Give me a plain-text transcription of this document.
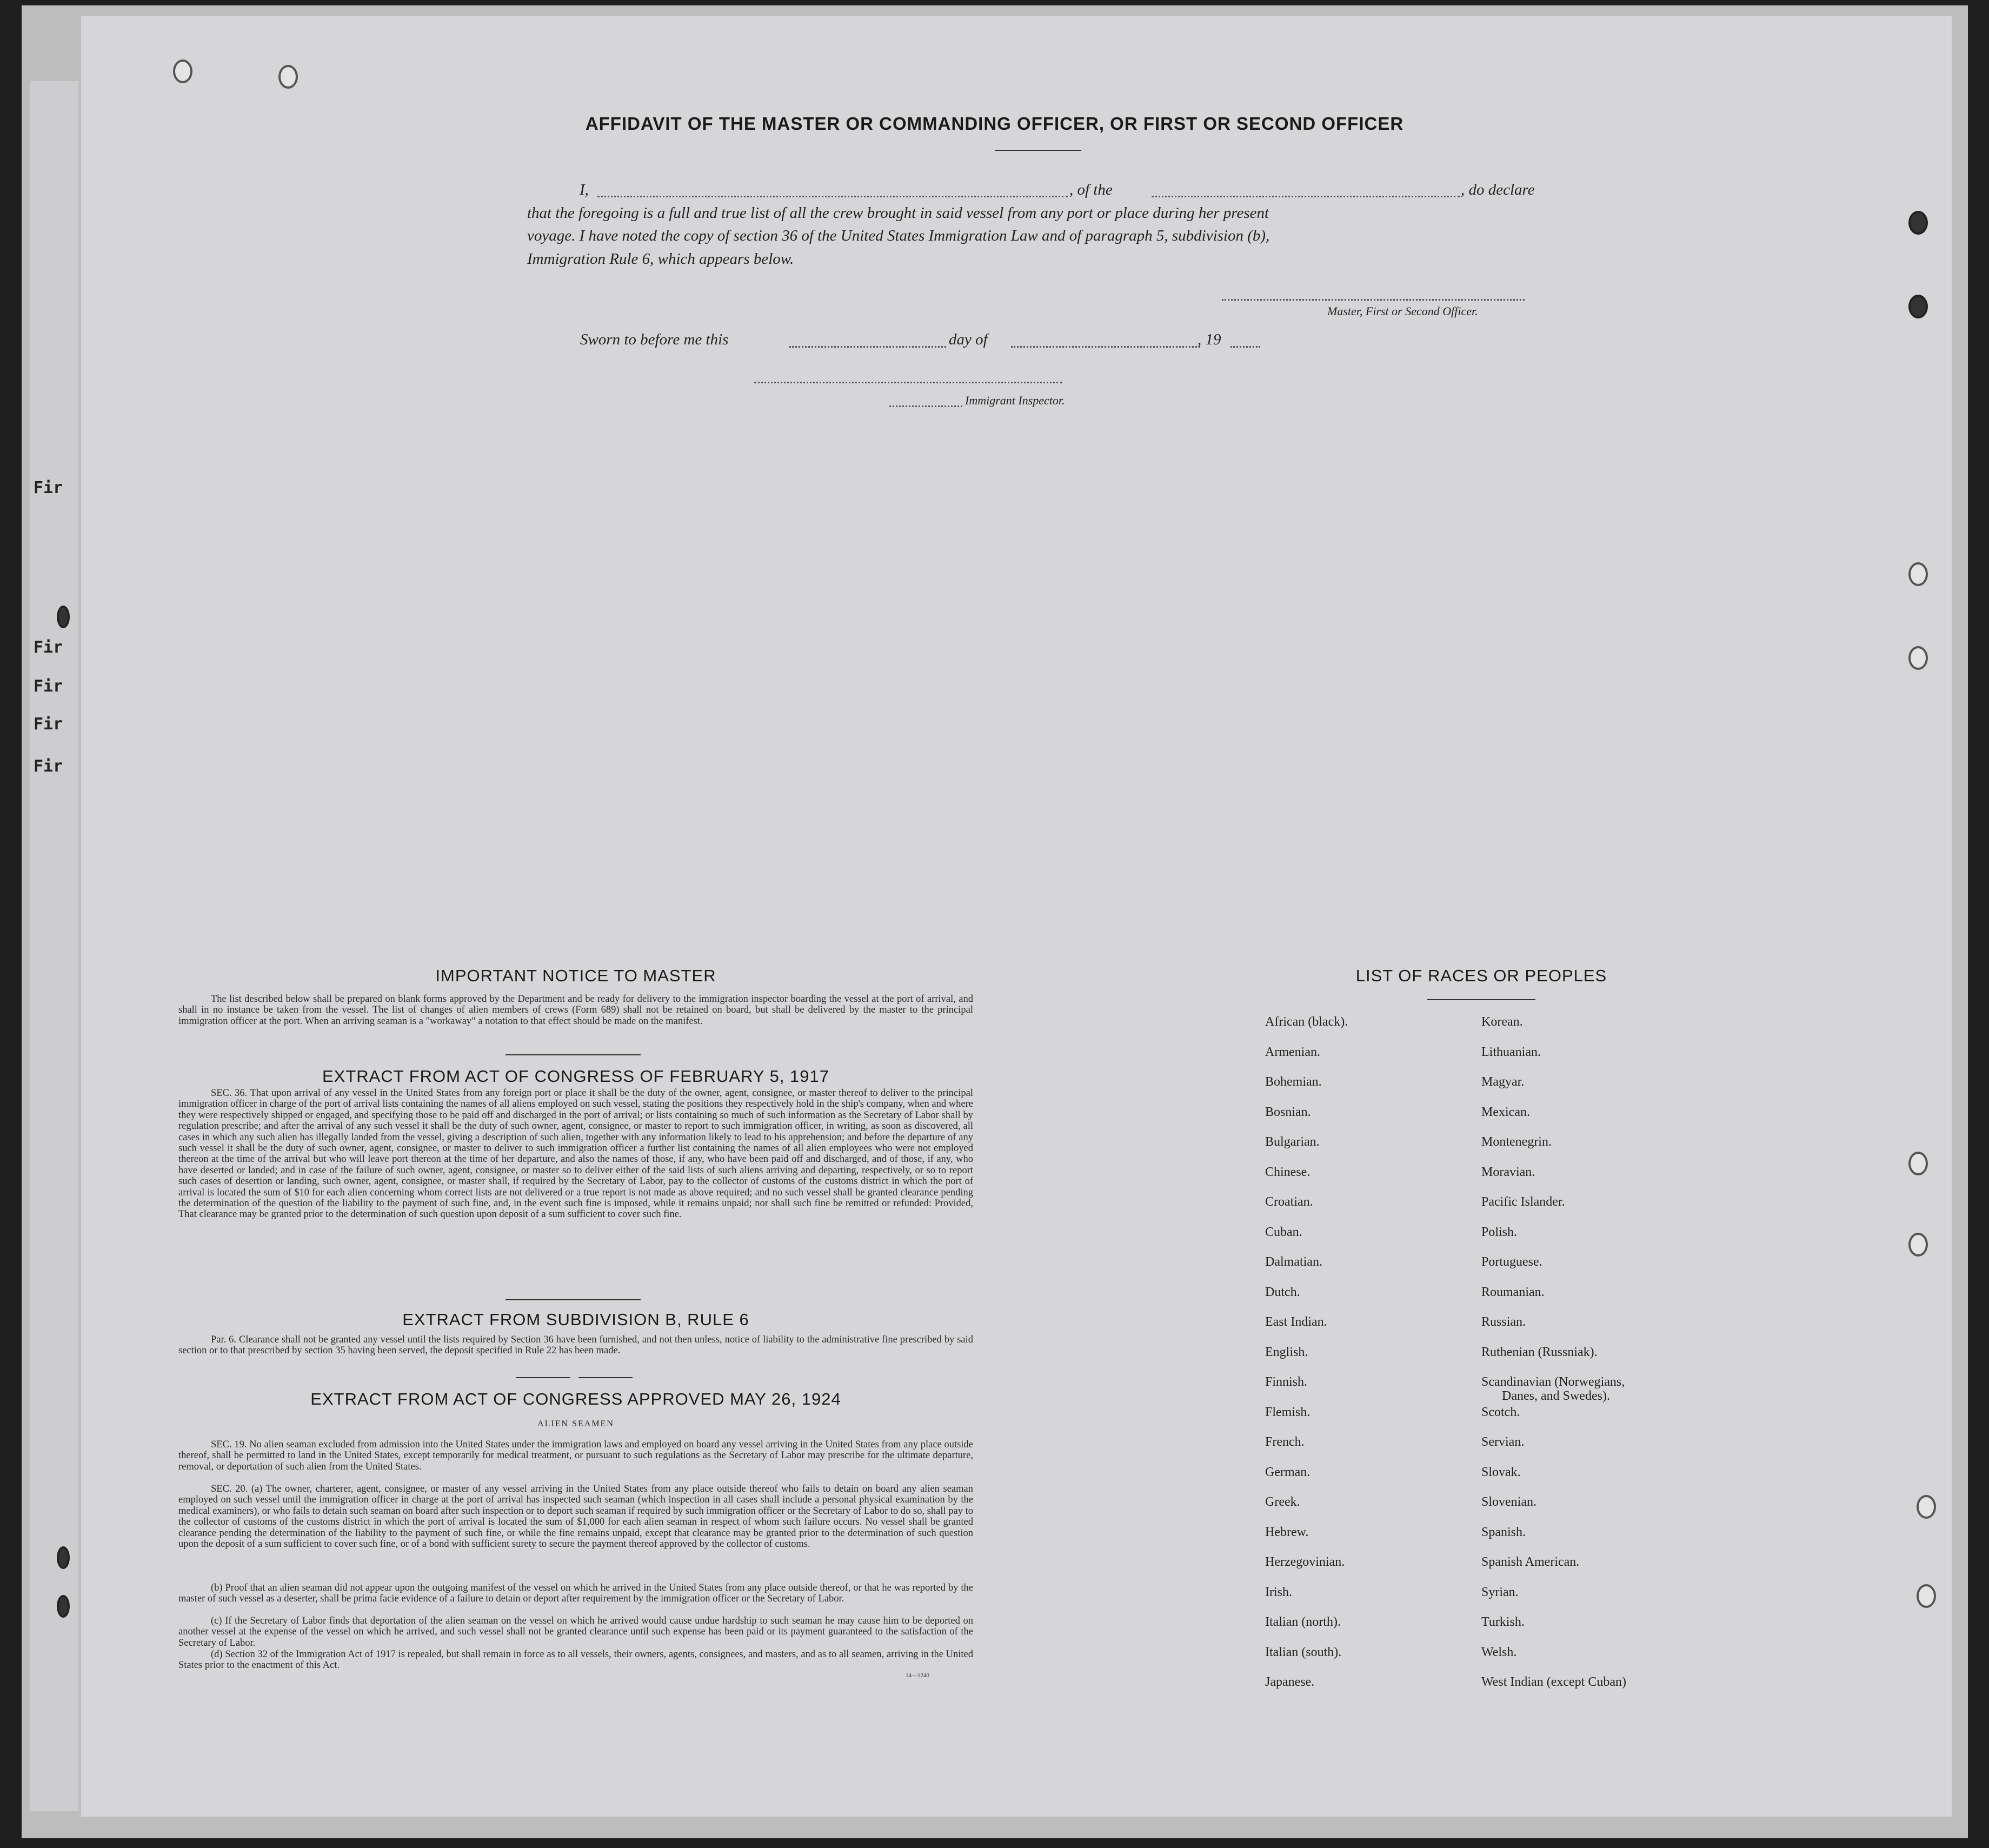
Fir
Fir
Fir
Fir
Fir
AFFIDAVIT OF THE MASTER OR COMMANDING OFFICER, OR FIRST OR SECOND OFFICER
I,	, of the	, do declare
that the foregoing is a full and true list of all the crew brought in said vessel from any port or place during her present
voyage. I have noted the copy of section 36 of the United States Immigration Law and of paragraph 5, subdivision (b),
Immigration Rule 6, which appears below.
Master, First or Second Officer.
Sworn to before me this	day of	, 19
Immigrant Inspector.
IMPORTANT NOTICE TO MASTER
The list described below shall be prepared on blank forms approved by the Department and be ready for delivery to the immigration inspector boarding the vessel at the port of arrival, and shall in no instance be taken from the vessel. The list of changes of alien members of crews (Form 689) shall not be retained on board, but shall be delivered by the master to the principal immigration officer at the port. When an arriving seaman is a "workaway" a notation to that effect should be made on the manifest.
EXTRACT FROM ACT OF CONGRESS OF FEBRUARY 5, 1917
SEC. 36. That upon arrival of any vessel in the United States from any foreign port or place it shall be the duty of the owner, agent, consignee, or master thereof to deliver to the principal immigration officer in charge of the port of arrival lists containing the names of all aliens employed on such vessel, stating the positions they respectively hold in the ship's company, when and where they were respectively shipped or engaged, and specifying those to be paid off and discharged in the port of arrival; or lists containing so much of such information as the Secretary of Labor shall by regulation prescribe; and after the arrival of any such vessel it shall be the duty of such owner, agent, consignee, or master to report to such immigration officer, in writing, as soon as discovered, all cases in which any such alien has illegally landed from the vessel, giving a description of such alien, together with any information likely to lead to his apprehension; and before the departure of any such vessel it shall be the duty of such owner, agent, consignee, or master to deliver to such immigration officer a further list containing the names of all alien employees who were not employed thereon at the time of the arrival but who will leave port thereon at the time of her departure, and also the names of those, if any, who have been paid off and discharged, and of those, if any, who have deserted or landed; and in case of the failure of such owner, agent, consignee, or master so to deliver either of the said lists of such aliens arriving and departing, respectively, or so to report such cases of desertion or landing, such owner, agent, consignee, or master shall, if required by the Secretary of Labor, pay to the collector of customs of the customs district in which the port of arrival is located the sum of $10 for each alien concerning whom correct lists are not delivered or a true report is not made as above required; and no such vessel shall be granted clearance pending the determination of the question of the liability to the payment of such fine, and, in the event such fine is imposed, while it remains unpaid; nor shall such fine be remitted or refunded: Provided, That clearance may be granted prior to the determination of such question upon deposit of a sum sufficient to cover such fine.
EXTRACT FROM SUBDIVISION B, RULE 6
Par. 6. Clearance shall not be granted any vessel until the lists required by Section 36 have been furnished, and not then unless, notice of liability to the administrative fine prescribed by said section or to that prescribed by section 35 having been served, the deposit specified in Rule 22 has been made.
EXTRACT FROM ACT OF CONGRESS APPROVED MAY 26, 1924
ALIEN SEAMEN
SEC. 19. No alien seaman excluded from admission into the United States under the immigration laws and employed on board any vessel arriving in the United States from any place outside thereof, shall be permitted to land in the United States, except temporarily for medical treatment, or pursuant to such regulations as the Secretary of Labor may prescribe for the ultimate departure, removal, or deportation of such alien from the United States.
SEC. 20. (a) The owner, charterer, agent, consignee, or master of any vessel arriving in the United States from any place outside thereof who fails to detain on board any alien seaman employed on such vessel until the immigration officer in charge at the port of arrival has inspected such seaman (which inspection in all cases shall include a personal physical examination by the medical examiners), or who fails to detain such seaman on board after such inspection or to deport such seaman if required by such immigration officer or the Secretary of Labor to do so, shall pay to the collector of customs of the customs district in which the port of arrival is located the sum of $1,000 for each alien seaman in respect of whom such failure occurs. No vessel shall be granted clearance pending the determination of the liability to the payment of such fine, or while the fine remains unpaid, except that clearance may be granted prior to the determination of such question upon the deposit of a sum sufficient to cover such fine, or of a bond with sufficient surety to secure the payment thereof approved by the collector of customs.
(b) Proof that an alien seaman did not appear upon the outgoing manifest of the vessel on which he arrived in the United States from any place outside thereof, or that he was reported by the master of such vessel as a deserter, shall be prima facie evidence of a failure to detain or deport after requirement by the immigration officer or the Secretary of Labor.
(c) If the Secretary of Labor finds that deportation of the alien seaman on the vessel on which he arrived would cause undue hardship to such seaman he may cause him to be deported on another vessel at the expense of the vessel on which he arrived, and such vessel shall not be granted clearance until such expense has been paid or its payment guaranteed to the satisfaction of the Secretary of Labor.
(d) Section 32 of the Immigration Act of 1917 is repealed, but shall remain in force as to all vessels, their owners, agents, consignees, and masters, and as to all seamen, arriving in the United States prior to the enactment of this Act.
14—1240
LIST OF RACES OR PEOPLES
African (black).
Armenian.
Bohemian.
Bosnian.
Bulgarian.
Chinese.
Croatian.
Cuban.
Dalmatian.
Dutch.
East Indian.
English.
Finnish.
Flemish.
French.
German.
Greek.
Hebrew.
Herzegovinian.
Irish.
Italian (north).
Italian (south).
Japanese.
Korean.
Lithuanian.
Magyar.
Mexican.
Montenegrin.
Moravian.
Pacific Islander.
Polish.
Portuguese.
Roumanian.
Russian.
Ruthenian (Russniak).
Scandinavian (Norwegians,
Scotch.
Servian.
Slovak.
Slovenian.
Spanish.
Spanish American.
Syrian.
Turkish.
Welsh.
West Indian (except Cuban)
Danes, and Swedes).
